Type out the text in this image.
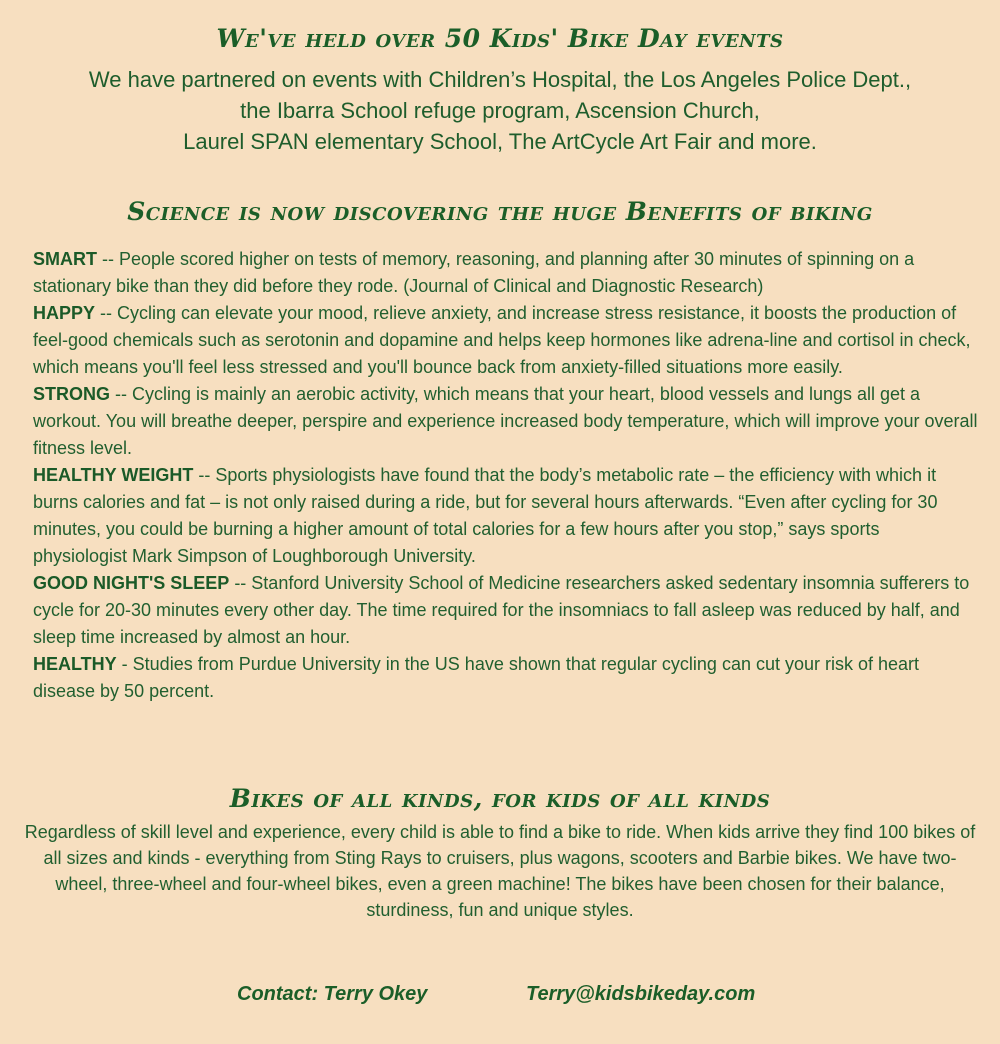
We've held over 50 Kids' Bike Day events

We have partnered on events with Children’s Hospital, the Los Angeles Police Dept.,
the Ibarra School refuge program, Ascension Church,
Laurel SPAN elementary School, The ArtCycle Art Fair and more.

Science is now discovering the huge Benefits of biking

SMART -- People scored higher on tests of memory, reasoning, and planning after 30 minutes of spinning on a stationary bike than they did before they rode. (Journal of Clinical and Diagnostic Research)

HAPPY -- Cycling can elevate your mood, relieve anxiety, and increase stress resistance, it boosts the production of feel-good chemicals such as serotonin and dopamine and helps keep hormones like adrena-line and cortisol in check, which means you'll feel less stressed and you'll bounce back from anxiety-filled situations more easily.

STRONG -- Cycling is mainly an aerobic activity, which means that your heart, blood vessels and lungs all get a workout. You will breathe deeper, perspire and experience increased body temperature, which will improve your overall fitness level.

HEALTHY WEIGHT -- Sports physiologists have found that the body’s metabolic rate – the efficiency with which it burns calories and fat – is not only raised during a ride, but for several hours afterwards. “Even after cycling for 30 minutes, you could be burning a higher amount of total calories for a few hours after you stop,” says sports physiologist Mark Simpson of Loughborough University.

GOOD NIGHT'S SLEEP -- Stanford University School of Medicine researchers asked sedentary insomnia sufferers to cycle for 20-30 minutes every other day. The time required for the insomniacs to fall asleep was reduced by half, and sleep time increased by almost an hour.

HEALTHY - Studies from Purdue University in the US have shown that regular cycling can cut your risk of heart disease by 50 percent.

Bikes of all kinds, for kids of all kinds

Regardless of skill level and experience, every child is able to find a bike to ride. When kids arrive they find 100 bikes of all sizes and kinds - everything from Sting Rays to cruisers, plus wagons, scooters and Barbie bikes. We have two-wheel, three-wheel and four-wheel bikes, even a green machine! The bikes have been chosen for their balance, sturdiness, fun and unique styles.

Contact: Terry Okey	Terry@kidsbikeday.com
